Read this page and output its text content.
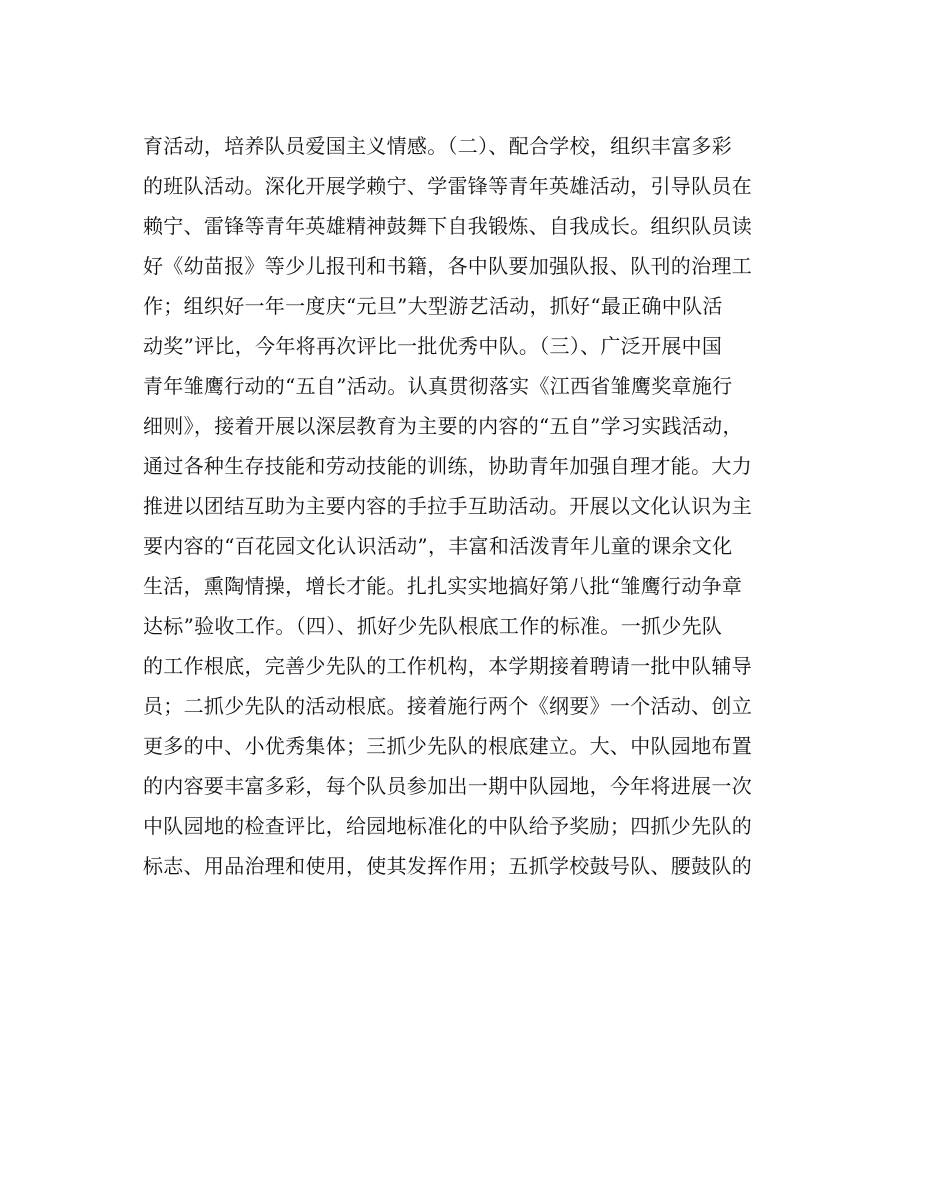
育活动，培养队员爱国主义情感。（二）、配合学校，组织丰富多彩
的班队活动。深化开展学赖宁、学雷锋等青年英雄活动，引导队员在
赖宁、雷锋等青年英雄精神鼓舞下自我锻炼、自我成长。组织队员读
好《幼苗报》等少儿报刊和书籍，各中队要加强队报、队刊的治理工
作；组织好一年一度庆“元旦”大型游艺活动，抓好“最正确中队活
动奖”评比，今年将再次评比一批优秀中队。（三）、广泛开展中国
青年雏鹰行动的“五自”活动。认真贯彻落实《江西省雏鹰奖章施行
细则》，接着开展以深层教育为主要的内容的“五自”学习实践活动，
通过各种生存技能和劳动技能的训练，协助青年加强自理才能。大力
推进以团结互助为主要内容的手拉手互助活动。开展以文化认识为主
要内容的“百花园文化认识活动”，丰富和活泼青年儿童的课余文化
生活，熏陶情操，增长才能。扎扎实实地搞好第八批“雏鹰行动争章
达标”验收工作。（四）、抓好少先队根底工作的标准。一抓少先队
的工作根底，完善少先队的工作机构，本学期接着聘请一批中队辅导
员；二抓少先队的活动根底。接着施行两个《纲要》一个活动、创立
更多的中、小优秀集体；三抓少先队的根底建立。大、中队园地布置
的内容要丰富多彩，每个队员参加出一期中队园地，今年将进展一次
中队园地的检查评比，给园地标准化的中队给予奖励；四抓少先队的
标志、用品治理和使用，使其发挥作用；五抓学校鼓号队、腰鼓队的
